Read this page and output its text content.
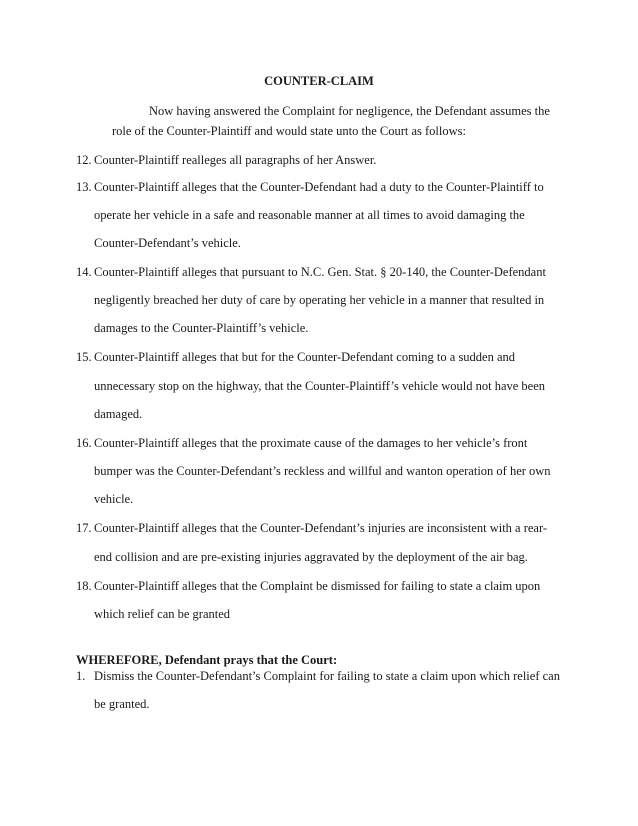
COUNTER-CLAIM
Now having answered the Complaint for negligence, the Defendant assumes the
role of the Counter-Plaintiff and would state unto the Court as follows:
12. Counter-Plaintiff realleges all paragraphs of her Answer.
13. Counter-Plaintiff alleges that the Counter-Defendant had a duty to the Counter-Plaintiff to
operate her vehicle in a safe and reasonable manner at all times to avoid damaging the
Counter-Defendant’s vehicle.
14. Counter-Plaintiff alleges that pursuant to N.C. Gen. Stat. § 20-140, the Counter-Defendant
negligently breached her duty of care by operating her vehicle in a manner that resulted in
damages to the Counter-Plaintiff’s vehicle.
15. Counter-Plaintiff alleges that but for the Counter-Defendant coming to a sudden and
unnecessary stop on the highway, that the Counter-Plaintiff’s vehicle would not have been
damaged.
16. Counter-Plaintiff alleges that the proximate cause of the damages to her vehicle’s front
bumper was the Counter-Defendant’s reckless and willful and wanton operation of her own
vehicle.
17. Counter-Plaintiff alleges that the Counter-Defendant’s injuries are inconsistent with a rear-
end collision and are pre-existing injuries aggravated by the deployment of the air bag.
18. Counter-Plaintiff alleges that the Complaint be dismissed for failing to state a claim upon
which relief can be granted
WHEREFORE, Defendant prays that the Court:
1. Dismiss the Counter-Defendant’s Complaint for failing to state a claim upon which relief can
be granted.
